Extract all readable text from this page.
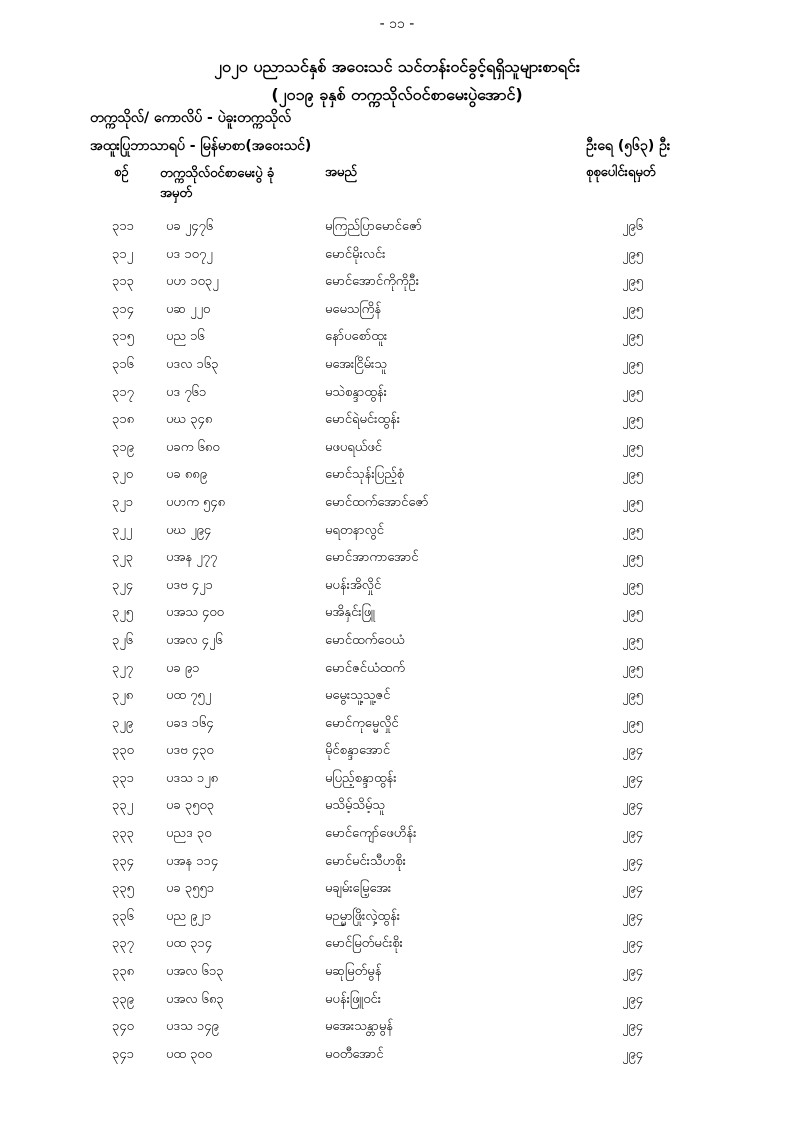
- ၁၁ -
၂၀၂၀ ပညာသင်နှစ် အဝေးသင် သင်တန်းဝင်ခွင့်ရရှိသူများစာရင်း
(၂၀၁၉ ခုနှစ် တက္ကသိုလ်ဝင်စာမေးပွဲအောင်)
တက္ကသိုလ်/ ကောလိပ် - ပဲခူးတက္ကသိုလ်
အထူးပြုဘာသာရပ် - မြန်မာစာ(အဝေးသင်)	ဦးရေ (၅၆၃) ဦး
စဉ် တက္ကသိုလ်ဝင်စာမေးပွဲ ခုံအမှတ်
အမည်	စုစုပေါင်းရမှတ်
၃၁၁ ပခ ၂၄၇၆	မကြည်ပြာမောင်ဇော်	၂၉၆
၃၁၂	ပဒ ၁၀၇၂	မောင်မိုးလင်း	၂၉၅
၃၁၃ ပဟ ၁၀၃၂	မောင်အောင်ကိုကိုဦး	၂၉၅
၃၁၄ ပဆ ၂၂၀	မမေသကြိန်	၂၉၅
၃၁၅ ပည ၁၆	နော်ပစော်ထူး	၂၉၅
၃၁၆ ပဒလ ၁၆၃	မအေးငြိမ်းသူ	၂၉၅
၃၁၇ ပဒ ၇၆၁	မသဲစန္ဒာထွန်း	၂၉၅
၃၁၈ ပဃ ၃၄၈	မောင်ရဲမင်းထွန်း	၂၉၅
၃၁၉ ပခက ၆၈၀	မဖပရယ်ဖင်	၂၉၅
၃၂၀	ပခ ၈၈၉	မောင်သုန်းပြည့်စုံ	၂၉၅
၃၂၁	ပဟက ၅၄၈	မောင်ထက်အောင်ဇော်	၂၉၅
၃၂၂	ပဃ ၂၉၄	မရတနာလွင်	၂၉၅
၃၂၃	ပအန ၂၇၇	မောင်အာကာအောင်	၂၉၅
၃၂၄	ပဒဗ ၄၂၁	မပန်းအိလှိုင်	၂၉၅
၃၂၅	ပအသ ၄၀၀	မအိနှင်းဖြူ	၂၉၅
၃၂၆	ပအလ ၄၂၆	မောင်ထက်ဝေယံ	၂၉၅
၃၂၇	ပခ ၉၁	မောင်ဇင်ယံထက်	၂၉၅
၃၂၈	ပထ ၇၅၂	မမွေးသူ့သူ့ဇင်	၂၉၅
၃၂၉	ပခဒ ၁၆၄	မောင်ကုမ္မေလှိုင်	၂၉၅
၃၃၀ ပဒဗ ၄၃၀	မိုင်စန္ဒာအောင်	၂၉၄
၃၃၁ ပဒသ ၁၂၈	မပြည့်စန္ဒာထွန်း	၂၉၄
၃၃၂	ပခ ၃၅၀၃	မသိမ့်သိမ့်သူ	၂၉၄
၃၃၃ ပညဒ ၃၀	မောင်ကျော်ဖေဟိန်း	၂၉၄
၃၃၄ ပအန ၁၁၄	မောင်မင်းသီဟစိုး	၂၉၄
၃၃၅ ပခ ၃၅၅၁	မချမ်းမြေ့အေး	၂၉၄
၃၃၆ ပည ၉၂၁	မဉမ္မာဖြိုးလှဲ့ထွန်း	၂၉၄
၃၃၇ ပထ ၃၁၄	မောင်မြတ်မင်းစိုး	၂၉၄
၃၃၈ ပအလ ၆၁၃	မဆုမြတ်မွန်	၂၉၄
၃၃၉ ပအလ ၆၈၃	မပန်းဖြူဝင်း	၂၉၄
၃၄၀ ပဒသ ၁၄၉	မအေးသန္တာမွန်	၂၉၄
၃၄၁ ပထ ၃၀၀	မဝတီအောင်	၂၉၄
